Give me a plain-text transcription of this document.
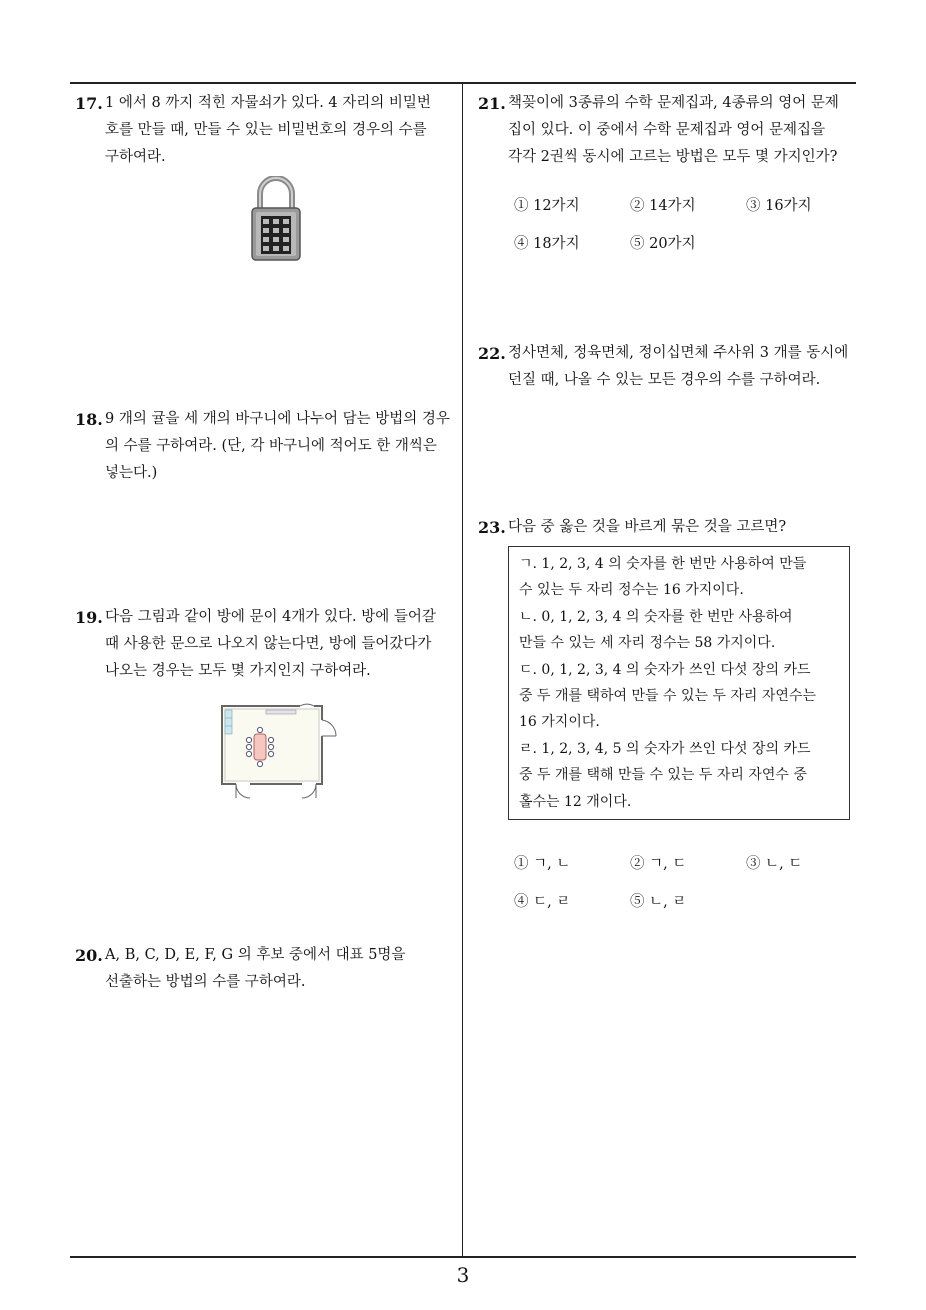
17. 1 에서 8 까지 적힌 자물쇠가 있다. 4 자리의 비밀번
호를 만들 때, 만들 수 있는 비밀번호의 경우의 수를
구하여라.
18. 9 개의 귤을 세 개의 바구니에 나누어 담는 방법의 경우
의 수를 구하여라. (단, 각 바구니에 적어도 한 개씩은
넣는다.)
19. 다음 그림과 같이 방에 문이 4개가 있다. 방에 들어갈
때 사용한 문으로 나오지 않는다면, 방에 들어갔다가
나오는 경우는 모두 몇 가지인지 구하여라.
20. A, B, C, D, E, F, G 의 후보 중에서 대표 5명을
선출하는 방법의 수를 구하여라.
21. 책꽂이에 3종류의 수학 문제집과, 4종류의 영어 문제
집이 있다. 이 중에서 수학 문제집과 영어 문제집을
각각 2권씩 동시에 고르는 방법은 모두 몇 가지인가?
① 12가지	② 14가지	③ 16가지
④ 18가지	⑤ 20가지
22. 정사면체, 정육면체, 정이십면체 주사위 3 개를 동시에
던질 때, 나올 수 있는 모든 경우의 수를 구하여라.
23. 다음 중 옳은 것을 바르게 묶은 것을 고르면?
ㄱ. 1, 2, 3, 4 의 숫자를 한 번만 사용하여 만들
수 있는 두 자리 정수는 16 가지이다.
ㄴ. 0, 1, 2, 3, 4 의 숫자를 한 번만 사용하여
만들 수 있는 세 자리 정수는 58 가지이다.
ㄷ. 0, 1, 2, 3, 4 의 숫자가 쓰인 다섯 장의 카드
중 두 개를 택하여 만들 수 있는 두 자리 자연수는
16 가지이다.
ㄹ. 1, 2, 3, 4, 5 의 숫자가 쓰인 다섯 장의 카드
중 두 개를 택해 만들 수 있는 두 자리 자연수 중
홀수는 12 개이다.
① ㄱ, ㄴ	② ㄱ, ㄷ	③ ㄴ, ㄷ
④ ㄷ, ㄹ	⑤ ㄴ, ㄹ
3
